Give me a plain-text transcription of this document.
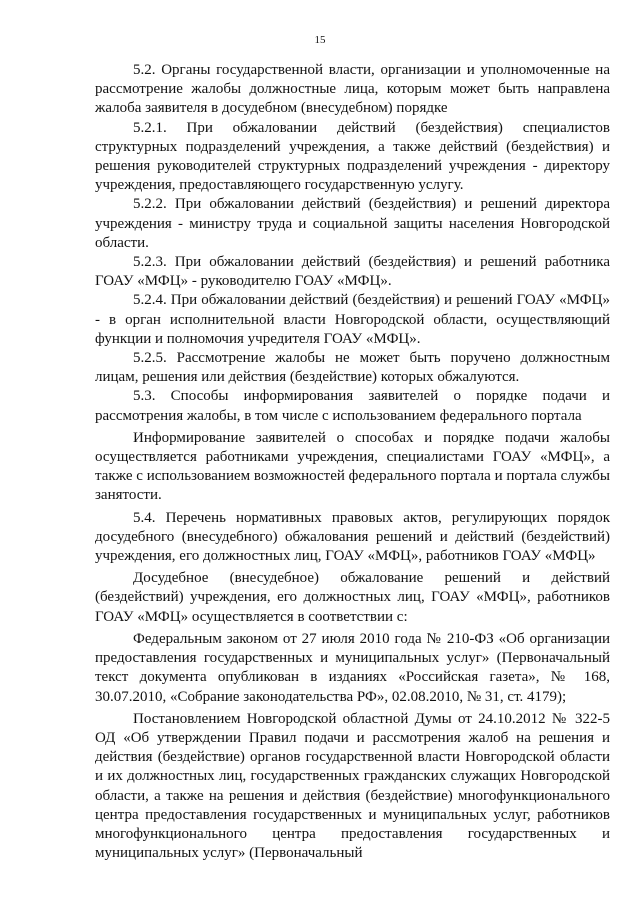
15

5.2. Органы государственной власти, организации и уполномоченные на рассмотрение жалобы должностные лица, которым может быть направлена жалоба заявителя в досудебном (внесудебном) порядке

5.2.1. При обжаловании действий (бездействия) специалистов структурных подразделений учреждения, а также действий (бездействия) и решения руководителей структурных подразделений учреждения - директору учреждения, предоставляющего государственную услугу.

5.2.2. При обжаловании действий (бездействия) и решений директора учреждения - министру труда и социальной защиты населения Новгородской области.

5.2.3. При обжаловании действий (бездействия) и решений работника ГОАУ «МФЦ» - руководителю ГОАУ «МФЦ».

5.2.4. При обжаловании действий (бездействия) и решений ГОАУ «МФЦ» - в орган исполнительной власти Новгородской области, осуществляющий функции и полномочия учредителя ГОАУ «МФЦ».

5.2.5. Рассмотрение жалобы не может быть поручено должностным лицам, решения или действия (бездействие) которых обжалуются.

5.3. Способы информирования заявителей о порядке подачи и рассмотрения жалобы, в том числе с использованием федерального портала

Информирование заявителей о способах и порядке подачи жалобы осуществляется работниками учреждения, специалистами ГОАУ «МФЦ», а также с использованием возможностей федерального портала и портала службы занятости.

5.4. Перечень нормативных правовых актов, регулирующих порядок досудебного (внесудебного) обжалования решений и действий (бездействий) учреждения, его должностных лиц, ГОАУ «МФЦ», работников ГОАУ «МФЦ»

Досудебное (внесудебное) обжалование решений и действий (бездействий) учреждения, его должностных лиц, ГОАУ «МФЦ», работников ГОАУ «МФЦ» осуществляется в соответствии с:

Федеральным законом от 27 июля 2010 года № 210-ФЗ «Об организации предоставления государственных и муниципальных услуг» (Первоначальный текст документа опубликован в изданиях «Российская газета», № 168, 30.07.2010, «Собрание законодательства РФ», 02.08.2010, № 31, ст. 4179);

Постановлением Новгородской областной Думы от 24.10.2012 № 322-5 ОД «Об утверждении Правил подачи и рассмотрения жалоб на решения и действия (бездействие) органов государственной власти Новгородской области и их должностных лиц, государственных гражданских служащих Новгородской области, а также на решения и действия (бездействие) многофункционального центра предоставления государственных и муниципальных услуг, работников многофункционального центра предоставления государственных и муниципальных услуг» (Первоначальный
